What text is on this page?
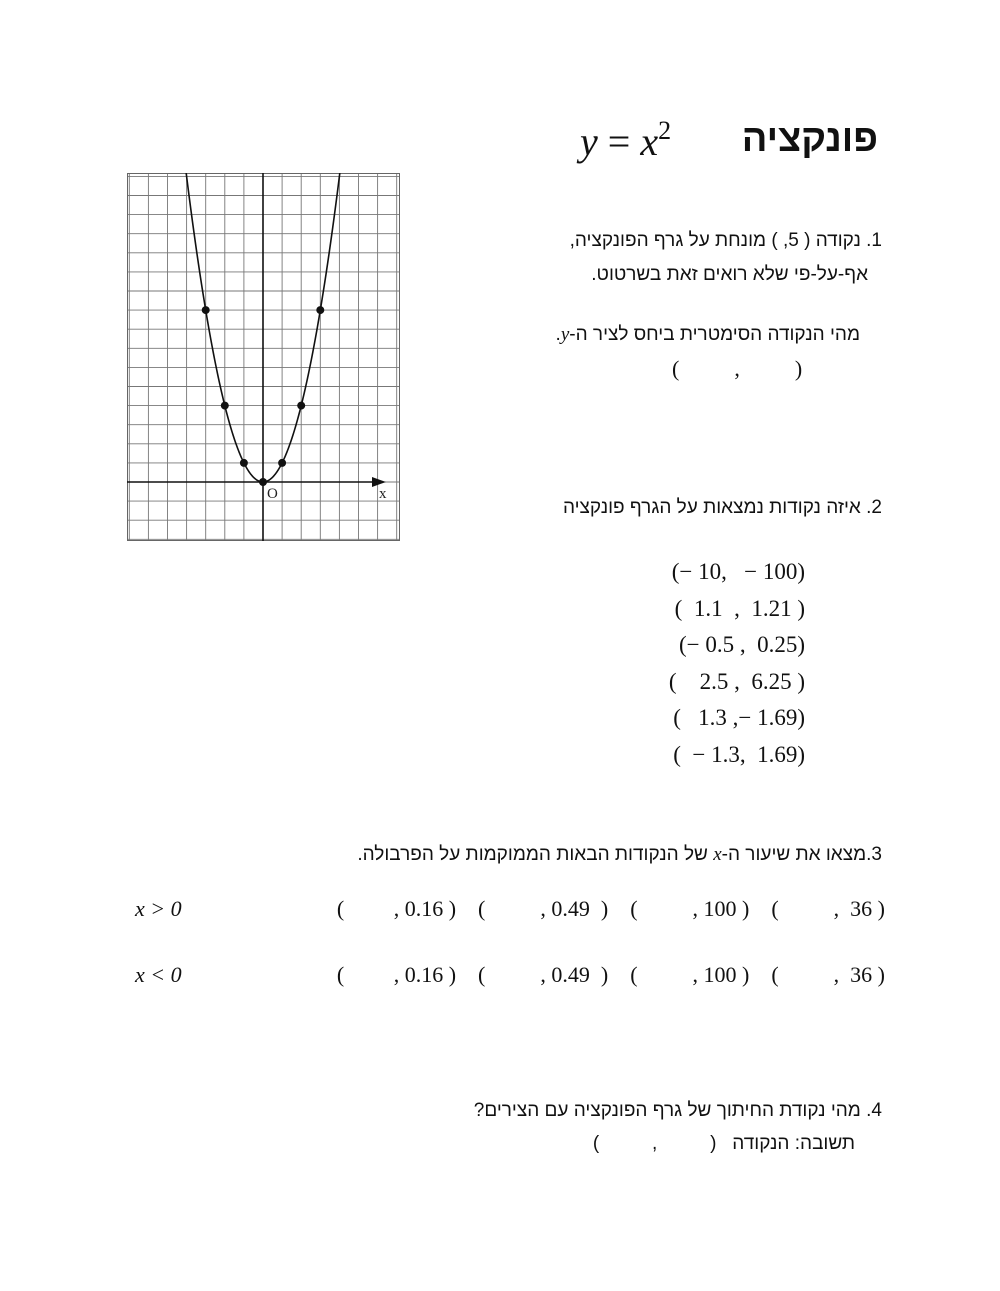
פונקציה
$y = x^2$
O	x
1. נקודה ( 5, ) מונחת על גרף הפונקציה,
אף-על-פי שלא רואים זאת בשרטוט.
מהי הנקודה הסימטרית ביחס לציר ה-y.
(          ,          )
2. איזה נקודות נמצאות על הגרף פונקציה
(− 10,   − 100)
(  1.1  ,  1.21 )
(− 0.5 ,  0.25)
(    2.5 ,  6.25 )
(   1.3 ,− 1.69)
(  − 1.3,  1.69)
3.מצאו את שיעור ה-x של הנקודות הבאות הממוקמות על הפרבולה.
x > 0	(         , 0.16 )    (          , 0.49  )    (          , 100 )    (          ,  36 )
x < 0	(         , 0.16 )    (          , 0.49  )    (          , 100 )    (          ,  36 )
4. מהי נקודת החיתוך של גרף הפונקציה עם הצירים?
תשובה: הנקודה   (          ,          )
